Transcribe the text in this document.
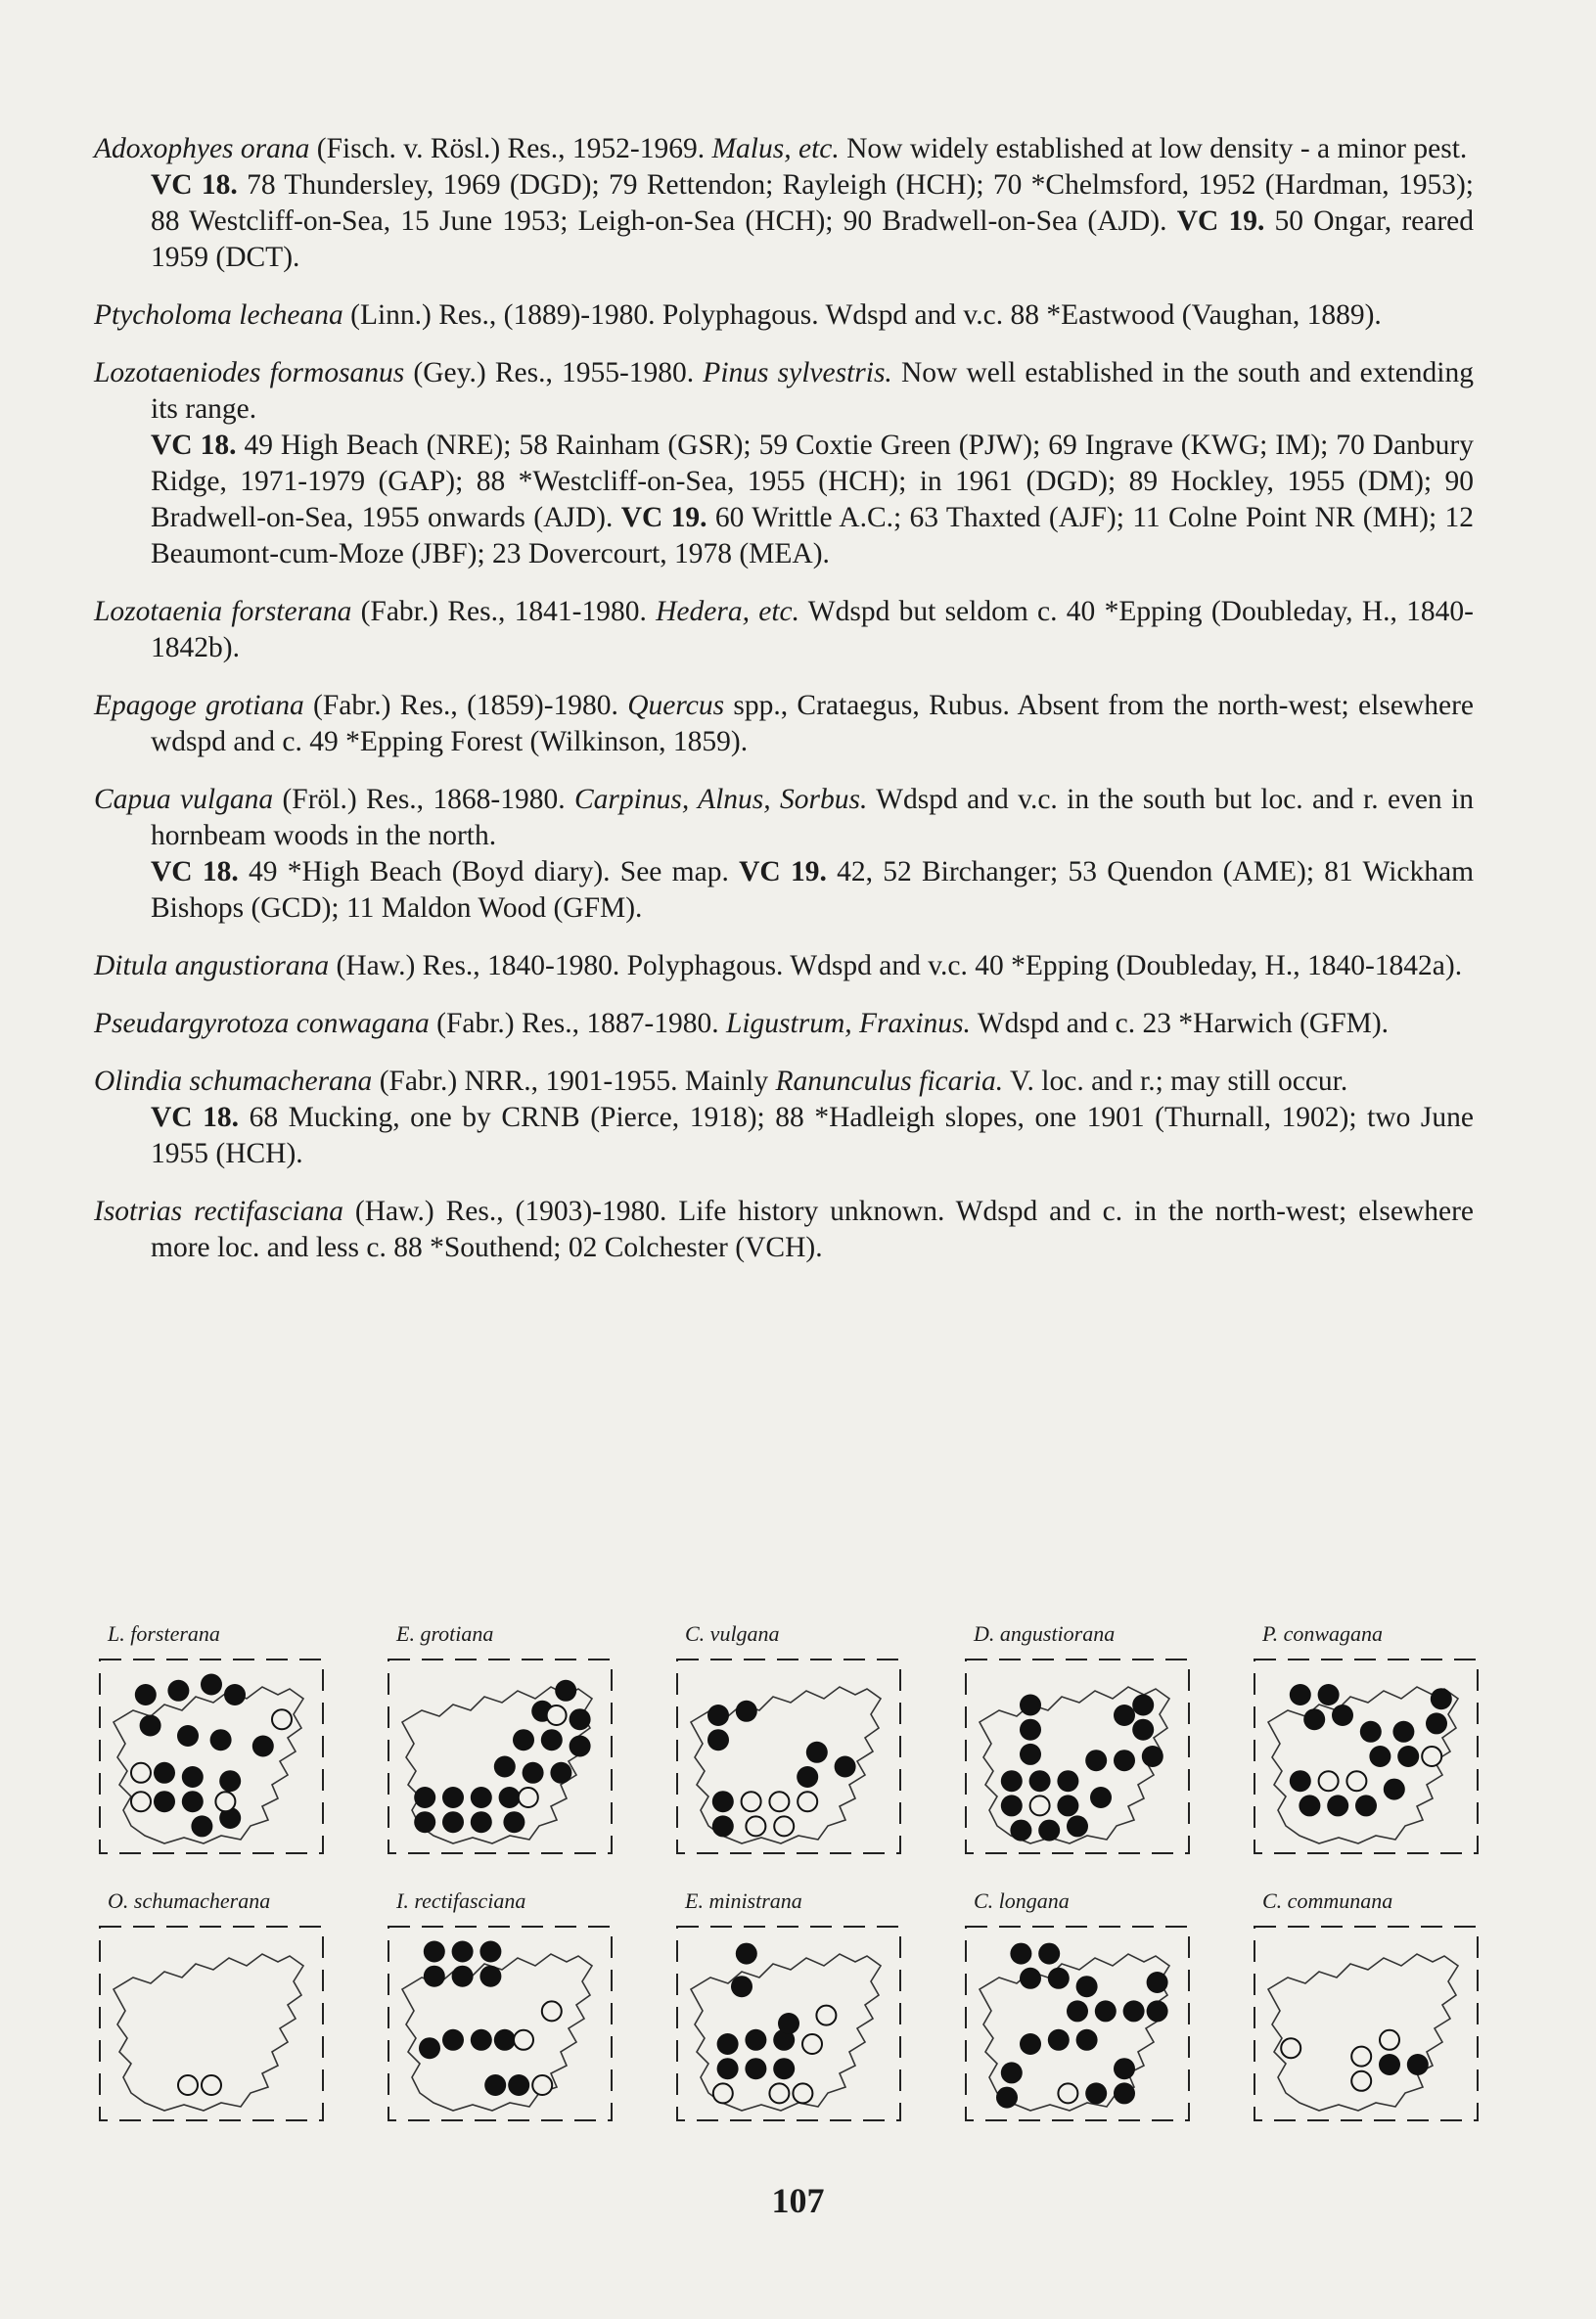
Adoxophyes orana (Fisch. v. Rösl.) Res., 1952-1969. Malus, etc. Now widely established at low density - a minor pest.

VC 18. 78 Thundersley, 1969 (DGD); 79 Rettendon; Rayleigh (HCH); 70 *Chelmsford, 1952 (Hardman, 1953); 88 Westcliff-on-Sea, 15 June 1953; Leigh-on-Sea (HCH); 90 Bradwell-on-Sea (AJD). VC 19. 50 Ongar, reared 1959 (DCT).

Ptycholoma lecheana (Linn.) Res., (1889)-1980. Polyphagous. Wdspd and v.c. 88 *Eastwood (Vaughan, 1889).

Lozotaeniodes formosanus (Gey.) Res., 1955-1980. Pinus sylvestris. Now well established in the south and extending its range.

VC 18. 49 High Beach (NRE); 58 Rainham (GSR); 59 Coxtie Green (PJW); 69 Ingrave (KWG; IM); 70 Danbury Ridge, 1971-1979 (GAP); 88 *Westcliff-on-Sea, 1955 (HCH); in 1961 (DGD); 89 Hockley, 1955 (DM); 90 Bradwell-on-Sea, 1955 onwards (AJD). VC 19. 60 Writtle A.C.; 63 Thaxted (AJF); 11 Colne Point NR (MH); 12 Beaumont-cum-Moze (JBF); 23 Dovercourt, 1978 (MEA).

Lozotaenia forsterana (Fabr.) Res., 1841-1980. Hedera, etc. Wdspd but seldom c. 40 *Epping (Doubleday, H., 1840-1842b).

Epagoge grotiana (Fabr.) Res., (1859)-1980. Quercus spp., Crataegus, Rubus. Absent from the north-west; elsewhere wdspd and c. 49 *Epping Forest (Wilkinson, 1859).

Capua vulgana (Fröl.) Res., 1868-1980. Carpinus, Alnus, Sorbus. Wdspd and v.c. in the south but loc. and r. even in hornbeam woods in the north.

VC 18. 49 *High Beach (Boyd diary). See map. VC 19. 42, 52 Birchanger; 53 Quendon (AME); 81 Wickham Bishops (GCD); 11 Maldon Wood (GFM).

Ditula angustiorana (Haw.) Res., 1840-1980. Polyphagous. Wdspd and v.c. 40 *Epping (Doubleday, H., 1840-1842a).

Pseudargyrotoza conwagana (Fabr.) Res., 1887-1980. Ligustrum, Fraxinus. Wdspd and c. 23 *Harwich (GFM).

Olindia schumacherana (Fabr.) NRR., 1901-1955. Mainly Ranunculus ficaria. V. loc. and r.; may still occur.

VC 18. 68 Mucking, one by CRNB (Pierce, 1918); 88 *Hadleigh slopes, one 1901 (Thurnall, 1902); two June 1955 (HCH).

Isotrias rectifasciana (Haw.) Res., (1903)-1980. Life history unknown. Wdspd and c. in the north-west; elsewhere more loc. and less c. 88 *Southend; 02 Colchester (VCH).

L. forsterana	E. grotiana	C. vulgana	D. angustiorana	P. conwagana
O. schumacherana	I. rectifasciana	E. ministrana	C. longana	C. communana
107
